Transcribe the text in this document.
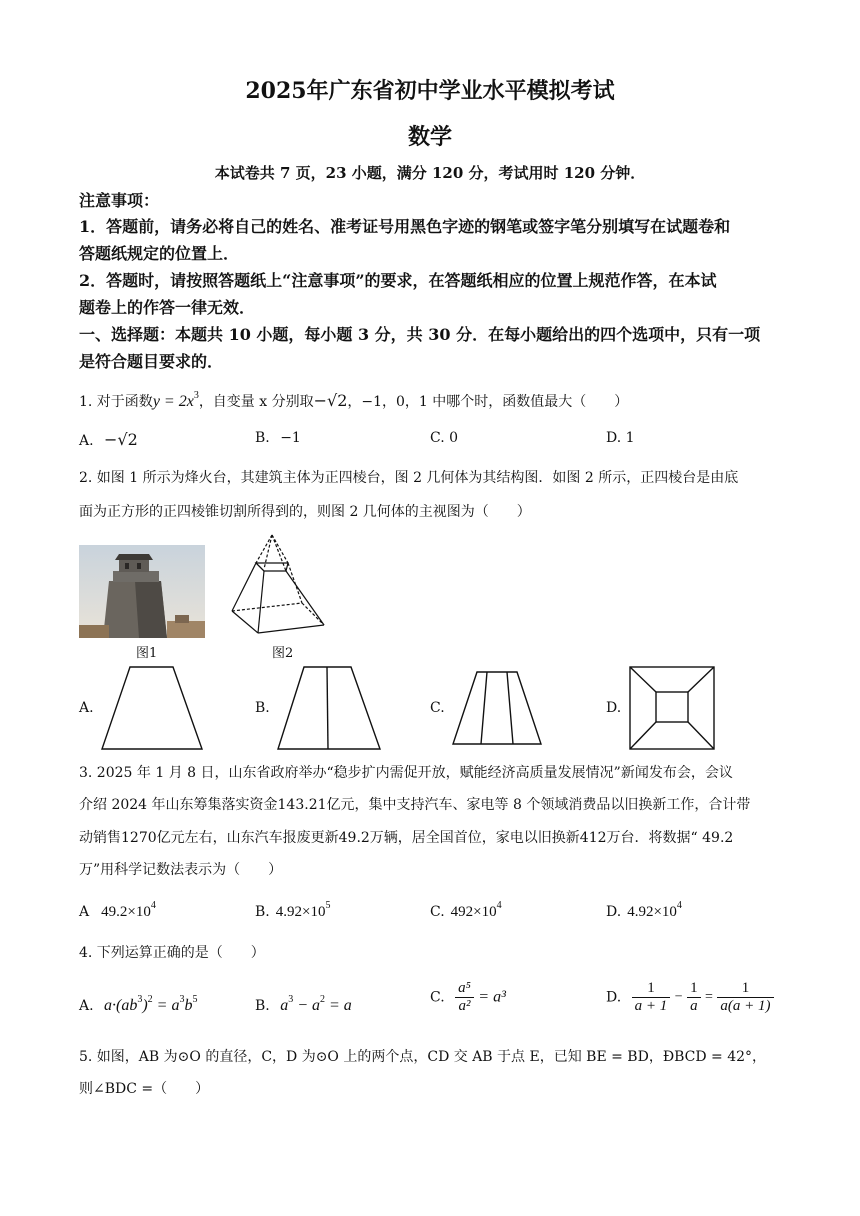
2025年广东省初中学业水平模拟考试
数学
本试卷共 7 页，23 小题，满分 120 分，考试用时 120 分钟．
注意事项：
1．答题前，请务必将自己的姓名、准考证号用黑色字迹的钢笔或签字笔分别填写在试题卷和
答题纸规定的位置上．
2．答题时，请按照答题纸上“注意事项”的要求，在答题纸相应的位置上规范作答，在本试
题卷上的作答一律无效．
一、选择题：本题共 10 小题，每小题 3 分，共 30 分．在每小题给出的四个选项中，只有一项
是符合题目要求的．
1. 对于函数$y = 2x^3$，自变量 x 分别取−√2，−1，0，1 中哪个时，函数值最大（　　）
A. −√2	B. −1	C. 0	D. 1
2. 如图 1 所示为烽火台，其建筑主体为正四棱台，图 2 几何体为其结构图．如图 2 所示，正四棱台是由底
面为正方形的正四棱锥切割所得到的，则图 2 几何体的主视图为（　　）
图1	图2
A.	B.	C.	D.
3. 2025 年 1 月 8 日，山东省政府举办“稳步扩内需促开放，赋能经济高质量发展情况”新闻发布会，会议
介绍 2024 年山东筹集落实资金143.21亿元，集中支持汽车、家电等 8 个领域消费品以旧换新工作，合计带
动销售1270亿元左右，山东汽车报废更新49.2万辆，居全国首位，家电以旧换新412万台．将数据“ 49.2
万”用科学记数法表示为（　　）
A $49.2\times 10^4$	B. $4.92\times 10^5$	C. $492\times 10^4$	D. $4.92\times 10^4$
4. 下列运算正确的是（　　）
A. $a\cdot(ab^3)^2 = a^3b^5$	B. $a^3 - a^2 = a$	C. $\frac{\text{a⁵}}{\text{a²}} = a^3$	D. $\frac{1}{a + 1} - \frac{1}{a} = \frac{1}{a(a + 1)}$
5. 如图，AB 为⊙O 的直径，C，D 为⊙O 上的两个点，CD 交 AB 于点 E，已知 BE = BD，ÐBCD = 42°，
则∠BDC =（　　）
